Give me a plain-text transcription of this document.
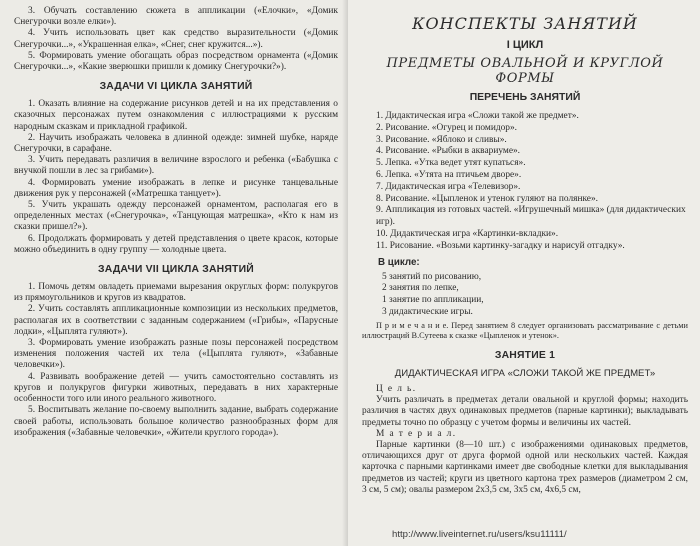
3. Обучать составлению сюжета в аппликации («Елочки», «Домик Снегурочки возле елки»).

4. Учить использовать цвет как средство выразительности («Домик Снегурочки...», «Украшенная елка», «Снег, снег кружится...»).

5. Формировать умение обогащать образ посредством орнамента («Домик Снегурочки...», «Какие зверюшки пришли к домику Снегурочки?»).

ЗАДАЧИ VI ЦИКЛА ЗАНЯТИЙ

1. Оказать влияние на содержание рисунков детей и на их представления о сказочных персонажах путем ознакомления с иллюстрациями к русским народным сказкам и прикладной графикой.

2. Научить изображать человека в длинной одежде: зимней шубке, наряде Снегурочки, в сарафане.

3. Учить передавать различия в величине взрослого и ребенка («Бабушка с внучкой пошли в лес за грибами»).

4. Формировать умение изображать в лепке и рисунке танцевальные движения рук у персонажей («Матрешка танцует»).

5. Учить украшать одежду персонажей орнаментом, располагая его в определенных местах («Снегурочка», «Танцующая матрешка», «Кто к нам из сказки пришел?»).

6. Продолжать формировать у детей представления о цвете красок, которые можно объединить в одну группу — холодные цвета.

ЗАДАЧИ VII ЦИКЛА ЗАНЯТИЙ

1. Помочь детям овладеть приемами вырезания округлых форм: полукругов из прямоугольников и кругов из квадратов.

2. Учить составлять аппликационные композиции из нескольких предметов, располагая их в соответствии с заданным содержанием («Грибы», «Парусные лодки», «Цыплята гуляют»).

3. Формировать умение изображать разные позы персонажей посредством изменения положения частей их тела («Цыплята гуляют», «Забавные человечки»).

4. Развивать воображение детей — учить самостоятельно составлять из кругов и полукругов фигурки животных, передавать в них характерные особенности того или иного реального животного.

5. Воспитывать желание по-своему выполнить задание, выбрать содержание своей работы, использовать большое количество разнообразных форм для изображения («Забавные человечки», «Жители круглого города»).

КОНСПЕКТЫ ЗАНЯТИЙ
I ЦИКЛ
ПРЕДМЕТЫ ОВАЛЬНОЙ И КРУГЛОЙ ФОРМЫ
ПЕРЕЧЕНЬ ЗАНЯТИЙ
1. Дидактическая игра «Сложи такой же предмет».
2. Рисование. «Огурец и помидор».
3. Рисование. «Яблоко и сливы».
4. Рисование. «Рыбки в аквариуме».
5. Лепка. «Утка ведет утят купаться».
6. Лепка. «Утята на птичьем дворе».
7. Дидактическая игра «Телевизор».
8. Рисование. «Цыпленок и утенок гуляют на полянке».
9. Аппликация из готовых частей. «Игрушечный мишка» (для дидактических игр).
10. Дидактическая игра «Картинки-вкладки».
11. Рисование. «Возьми картинку-загадку и нарисуй отгадку».
В цикле:
5 занятий по рисованию,
2 занятия по лепке,
1 занятие по аппликации,
3 дидактические игры.

П р и м е ч а н и е. Перед занятием 8 следует организовать рассматривание с детьми иллюстраций В.Сутеева к сказке «Цыпленок и утенок».

ЗАНЯТИЕ 1
ДИДАКТИЧЕСКАЯ ИГРА «СЛОЖИ ТАКОЙ ЖЕ ПРЕДМЕТ»

Ц е л ь.

Учить различать в предметах детали овальной и круглой формы; находить различия в частях двух одинаковых предметов (парные картинки); выкладывать предметы точно по образцу с учетом формы и величины их частей.

М а т е р и а л.

Парные картинки (8—10 шт.) с изображениями одинаковых предметов, отличающихся друг от друга формой одной или нескольких частей. Каждая карточка с парными картинками имеет две свободные клетки для выкладывания предметов из частей; круги из цветного картона трех размеров (диаметром 2 см, 3 см, 5 см); овалы размером 2х3,5 см, 3х5 см, 4х6,5 см,

http://www.liveinternet.ru/users/ksu11111/
